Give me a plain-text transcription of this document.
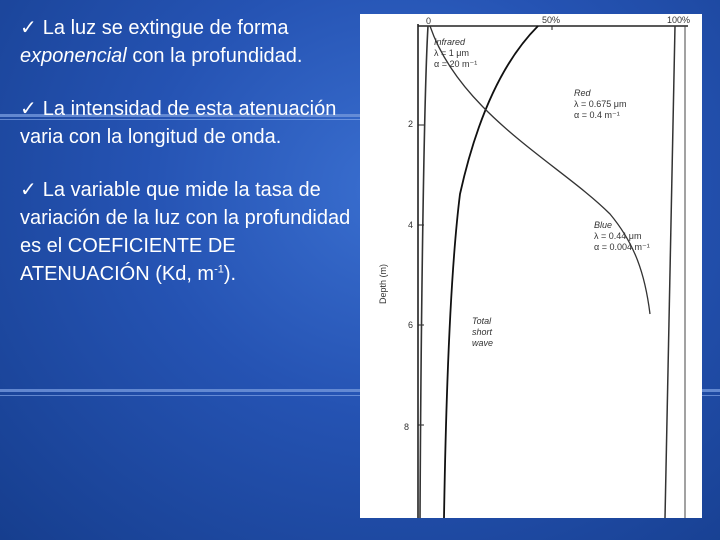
✓ La luz se extingue de forma
exponencial con la profundidad.

✓ La intensidad de esta atenuación varia con la longitud de onda.

✓ La variable que mide la tasa de variación de la luz con la profundidad es el COEFICIENTE DE ATENUACIÓN (Kd, $m^{-1}$).

0	50%	100%
2
4
6
8
Depth (m)
Infrared
λ = 1 μm
α = 20 m⁻¹
Red
λ = 0.675 μm
α = 0.4 m⁻¹
Blue
λ = 0.44 μm
α = 0.004 m⁻¹
Total
short
wave
